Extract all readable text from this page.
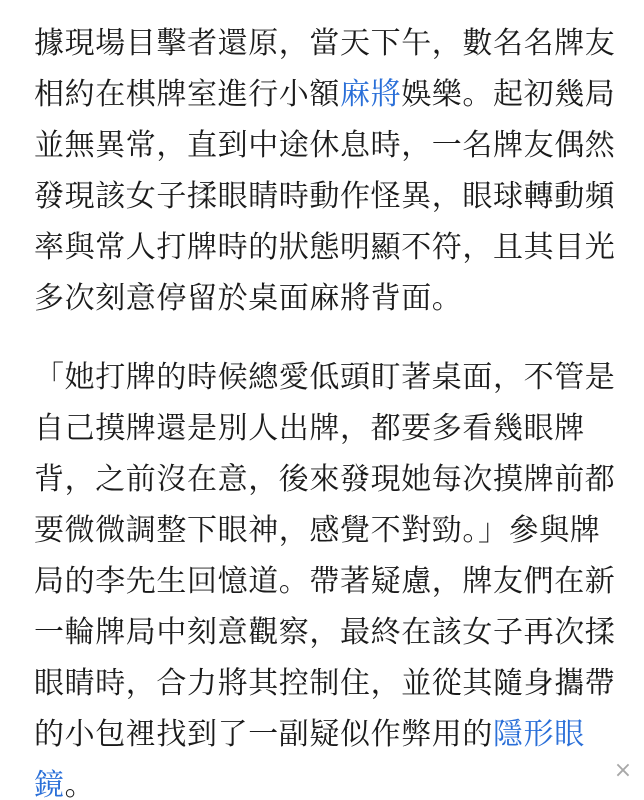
據現場目擊者還原，當天下午，數名名牌友
相約在棋牌室進行小額麻將娛樂。起初幾局
並無異常，直到中途休息時，一名牌友偶然
發現該女子揉眼睛時動作怪異，眼球轉動頻
率與常人打牌時的狀態明顯不符，且其目光
多次刻意停留於桌面麻將背面。
「她打牌的時候總愛低頭盯著桌面，不管是
自己摸牌還是別人出牌，都要多看幾眼牌
背，之前沒在意，後來發現她每次摸牌前都
要微微調整下眼神，感覺不對勁。」參與牌
局的李先生回憶道。帶著疑慮，牌友們在新
一輪牌局中刻意觀察，最終在該女子再次揉
眼睛時，合力將其控制住，並從其隨身攜帶
的小包裡找到了一副疑似作弊用的隱形眼
鏡。	×
